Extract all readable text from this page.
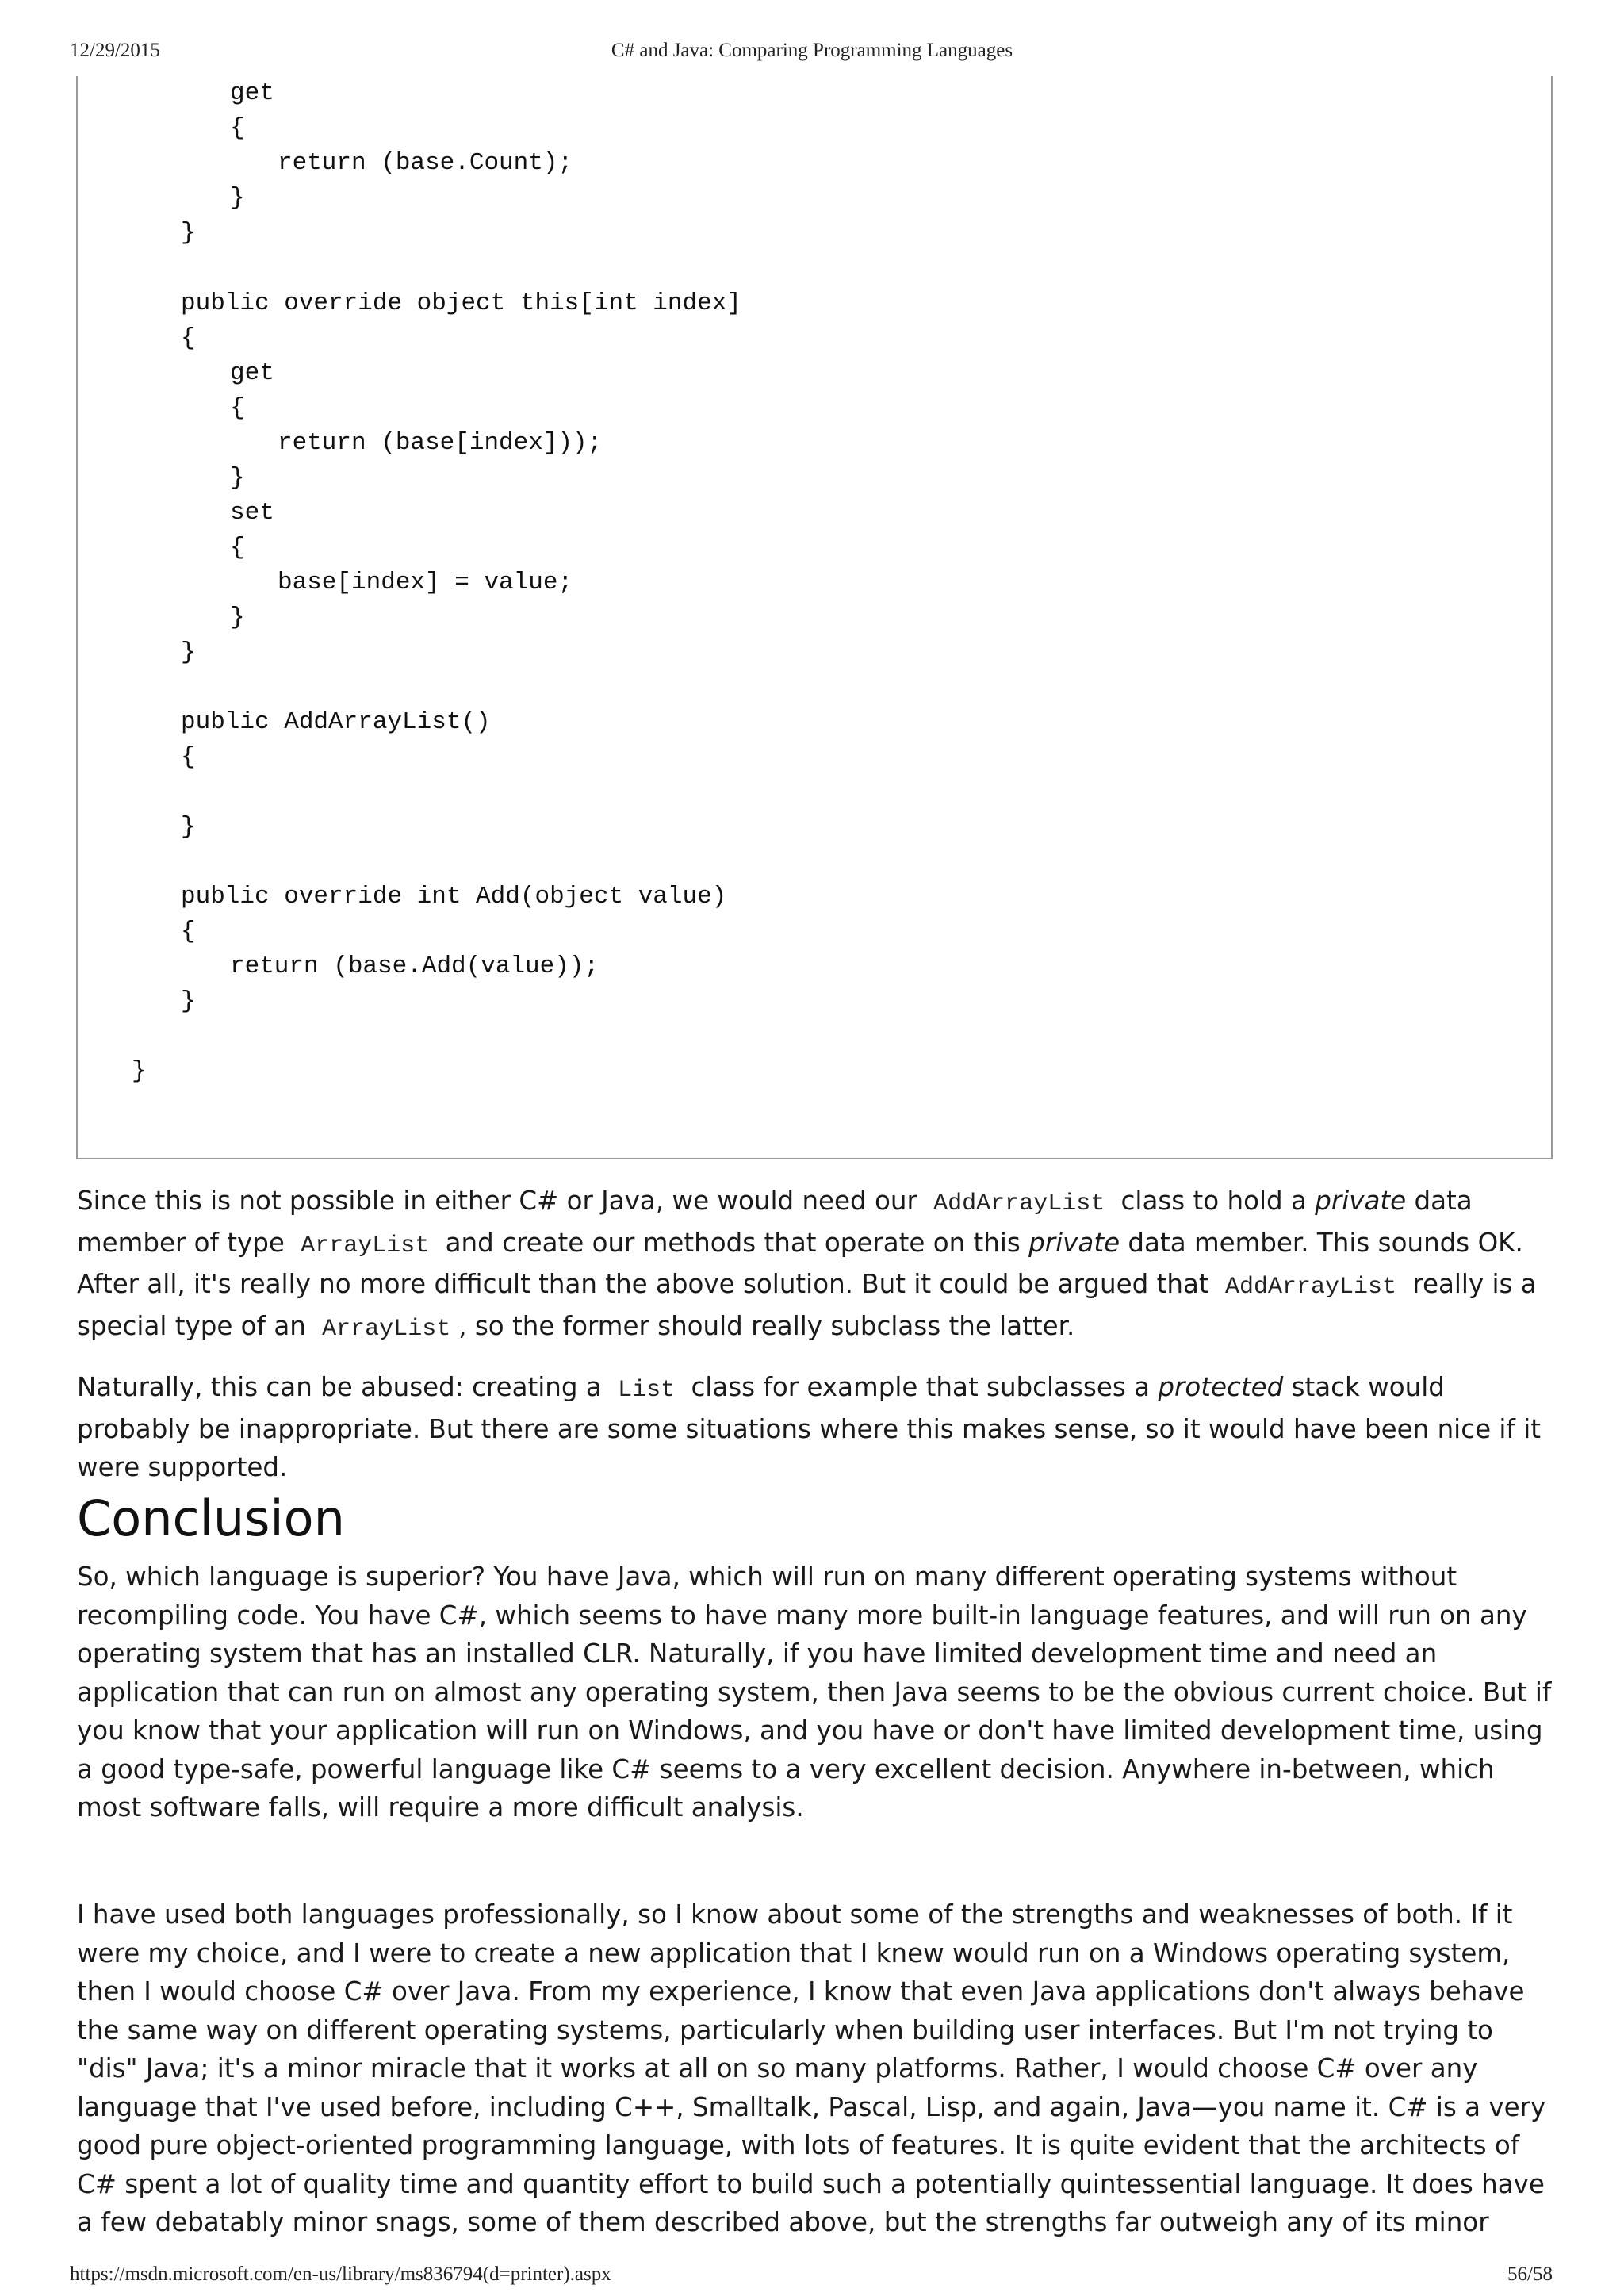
12/29/2015	C# and Java: Comparing Programming Languages
get
{
return (base.Count);
}
}
public override object this[int index]
{
get
{
return (base[index]));
}
set
{
base[index] = value;
}
}
public AddArrayList()
{
}
public override int Add(object value)
{
return (base.Add(value));
}
}

Since this is not possible in either C# or Java, we would need our AddArrayList class to hold a private data member of type ArrayList and create our methods that operate on this private data member. This sounds OK. After all, it's really no more difficult than the above solution. But it could be argued that AddArrayList really is a special type of an ArrayList , so the former should really subclass the latter.

Naturally, this can be abused: creating a List class for example that subclasses a protected stack would probably be inappropriate. But there are some situations where this makes sense, so it would have been nice if it were supported.

Conclusion

So, which language is superior? You have Java, which will run on many different operating systems without recompiling code. You have C#, which seems to have many more built-in language features, and will run on any operating system that has an installed CLR. Naturally, if you have limited development time and need an application that can run on almost any operating system, then Java seems to be the obvious current choice. But if you know that your application will run on Windows, and you have or don't have limited development time, using a good type-safe, powerful language like C# seems to a very excellent decision. Anywhere in-between, which most software falls, will require a more difficult analysis.

I have used both languages professionally, so I know about some of the strengths and weaknesses of both. If it were my choice, and I were to create a new application that I knew would run on a Windows operating system, then I would choose C# over Java. From my experience, I know that even Java applications don't always behave the same way on different operating systems, particularly when building user interfaces. But I'm not trying to "dis" Java; it's a minor miracle that it works at all on so many platforms. Rather, I would choose C# over any language that I've used before, including C++, Smalltalk, Pascal, Lisp, and again, Java—you name it. C# is a very good pure object-oriented programming language, with lots of features. It is quite evident that the architects of C# spent a lot of quality time and quantity effort to build such a potentially quintessential language. It does have a few debatably minor snags, some of them described above, but the strengths far outweigh any of its minor

https://msdn.microsoft.com/en-us/library/ms836794(d=printer).aspx	56/58
